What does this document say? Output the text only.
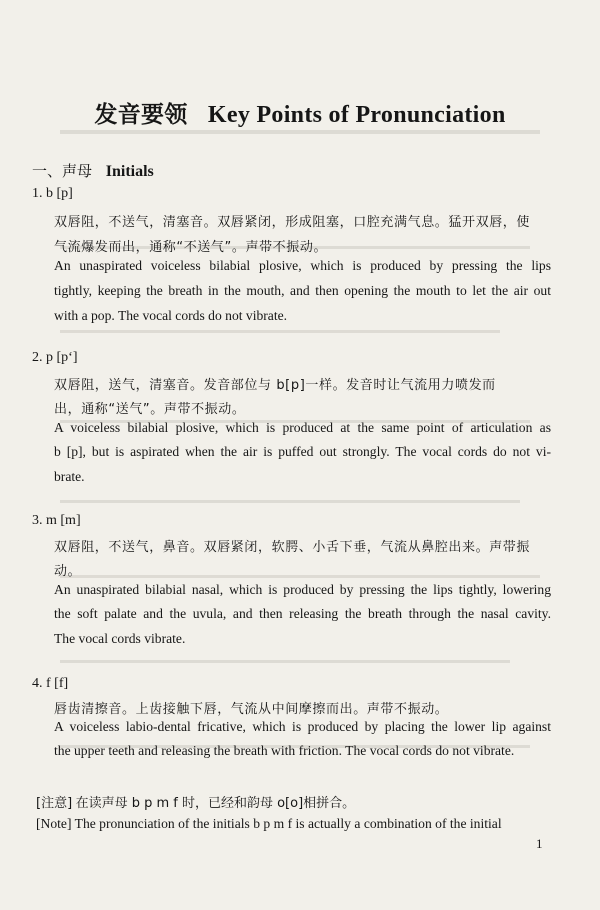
发音要领 Key Points of Pronunciation
一、声母 Initials
1. b [p]
双唇阻，不送气，清塞音。双唇紧闭，形成阻塞，口腔充满气息。猛开双唇，使
气流爆发而出，通称“不送气”。声带不振动。
An unaspirated voiceless bilabial plosive, which is produced by pressing the lips
tightly, keeping the breath in the mouth, and then opening the mouth to let the air out
with a pop. The vocal cords do not vibrate.
2. p [p‘]
双唇阻，送气，清塞音。发音部位与 b[p]一样。发音时让气流用力喷发而
出，通称“送气”。声带不振动。
A voiceless bilabial plosive, which is produced at the same point of articulation as
b [p], but is aspirated when the air is puffed out strongly. The vocal cords do not vi-
brate.
3. m [m]
双唇阻，不送气，鼻音。双唇紧闭，软腭、小舌下垂，气流从鼻腔出来。声带振
动。
An unaspirated bilabial nasal, which is produced by pressing the lips tightly, lowering
the soft palate and the uvula, and then releasing the breath through the nasal cavity.
The vocal cords vibrate.
4. f [f]
唇齿清擦音。上齿接触下唇，气流从中间摩擦而出。声带不振动。
A voiceless labio-dental fricative, which is produced by placing the lower lip against
the upper teeth and releasing the breath with friction. The vocal cords do not vibrate.
[注意] 在读声母 b p m f 时，已经和韵母 o[o]相拼合。
[Note] The pronunciation of the initials b p m f is actually a combination of the initial
1
